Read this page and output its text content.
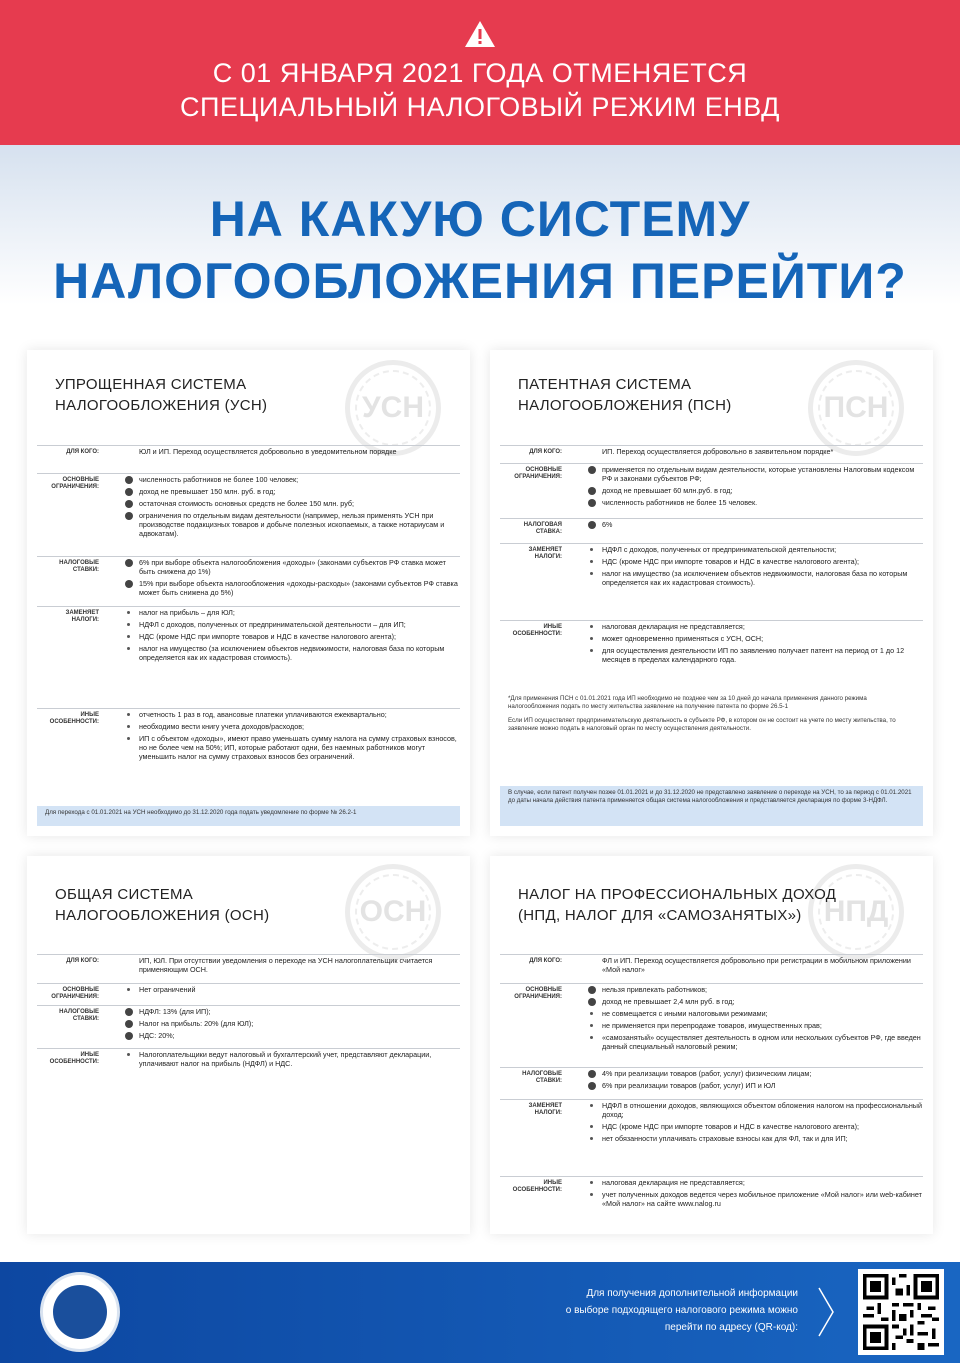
С 01 ЯНВАРЯ 2021 ГОДА ОТМЕНЯЕТСЯ
СПЕЦИАЛЬНЫЙ НАЛОГОВЫЙ РЕЖИМ ЕНВД
НА КАКУЮ СИСТЕМУ
НАЛОГООБЛОЖЕНИЯ ПЕРЕЙТИ?
УСН
УПРОЩЕННАЯ СИСТЕМА
НАЛОГООБЛОЖЕНИЯ (УСН)
ДЛЯ КОГО:	ЮЛ и ИП. Переход осуществляется добровольно в уведомительном порядке
ОСНОВНЫЕ ОГРАНИЧЕНИЯ:
численность работников не более 100 человек;
доход не превышает 150 млн. руб. в год;
остаточная стоимость основных средств не более 150 млн. руб;
ограничения по отдельным видам деятельности (например, нельзя применять УСН при производстве подакцизных товаров и добыче полезных ископаемых, а также нотариусам и адвокатам).
НАЛОГОВЫЕ СТАВКИ:
6% при выборе объекта налогообложения «доходы» (законами субъектов РФ ставка может быть снижена до 1%)
15% при выборе объекта налогообложения «доходы-расходы» (законами субъектов РФ ставка может быть снижена до 5%)
ЗАМЕНЯЕТ НАЛОГИ:
налог на прибыль – для ЮЛ;
НДФЛ с доходов, полученных от предпринимательской деятельности – для ИП;
НДС (кроме НДС при импорте товаров и НДС в качестве налогового агента);
налог на имущество (за исключением объектов недвижимости, налоговая база по которым определяется как их кадастровая стоимость).
ИНЫЕ ОСОБЕННОСТИ:
отчетность 1 раз в год, авансовые платежи уплачиваются ежеквартально;
необходимо вести книгу учета доходов/расходов;
ИП с объектом «доходы», имеют право уменьшать сумму налога на сумму страховых взносов, но не более чем на 50%; ИП, которые работают одни, без наемных работников могут уменьшить налог на сумму страховых взносов без ограничений.
Для перехода с 01.01.2021 на УСН необходимо до 31.12.2020 года подать уведомление по форме № 26.2-1
ПСН
ПАТЕНТНАЯ СИСТЕМА
НАЛОГООБЛОЖЕНИЯ (ПСН)
ДЛЯ КОГО:	ИП. Переход осуществляется добровольно в заявительном порядке*
ОСНОВНЫЕ ОГРАНИЧЕНИЯ:
применяется по отдельным видам деятельности, которые установлены Налоговым кодексом РФ и законами субъектов РФ;
доход не превышает 60 млн.руб. в год;
численность работников не более 15 человек.
НАЛОГОВАЯ СТАВКА:
6%
ЗАМЕНЯЕТ НАЛОГИ:
НДФЛ с доходов, полученных от предпринимательской деятельности;
НДС (кроме НДС при импорте товаров и НДС в качестве налогового агента);
налог на имущество (за исключением объектов недвижимости, налоговая база по которым определяется как их кадастровая стоимость).
ИНЫЕ ОСОБЕННОСТИ:
налоговая декларация не представляется;
может одновременно применяться с УСН, ОСН;
для осуществления деятельности ИП по заявлению получает патент на период от 1 до 12 месяцев в пределах календарного года.

*Для применения ПСН с 01.01.2021 года ИП необходимо не позднее чем за 10 дней до начала применения данного режима налогообложения подать по месту жительства заявление на получение патента по форме 26.5-1

Если ИП осуществляет предпринимательскую деятельность в субъекте РФ, в котором он не состоит на учете по месту жительства, то заявление можно подать в налоговый орган по месту осуществления деятельности.

В случае, если патент получен позже 01.01.2021 и до 31.12.2020 не представлено заявление о переходе на УСН, то за период с 01.01.2021 до даты начала действия патента применяется общая система налогообложения и представляется декларация по форме 3-НДФЛ.
ОСН
ОБЩАЯ СИСТЕМА
НАЛОГООБЛОЖЕНИЯ (ОСН)
ДЛЯ КОГО:	ИП, ЮЛ. При отсутствии уведомления о переходе на УСН налогоплательщик считается применяющим ОСН.
ОСНОВНЫЕ ОГРАНИЧЕНИЯ:
Нет ограничений
НАЛОГОВЫЕ СТАВКИ:
НДФЛ: 13% (для ИП);
Налог на прибыль: 20% (для ЮЛ);
НДС: 20%;
ИНЫЕ ОСОБЕННОСТИ:
Налогоплательщики ведут налоговый и бухгалтерский учет, представляют декларации, уплачивают налог на прибыль (НДФЛ) и НДС.
НПД
НАЛОГ НА ПРОФЕССИОНАЛЬНЫХ ДОХОД
(НПД, НАЛОГ ДЛЯ «САМОЗАНЯТЫХ»)
ДЛЯ КОГО:	ФЛ и ИП. Переход осуществляется добровольно при регистрации в мобильном приложении «Мой налог»
ОСНОВНЫЕ ОГРАНИЧЕНИЯ:
нельзя привлекать работников;
доход не превышает 2,4 млн руб. в год;
не совмещается с иными налоговыми режимами;
не применяется при перепродаже товаров, имущественных прав;
«самозанятый» осуществляет деятельность в одном или нескольких субъектов РФ, где введен данный специальный налоговый режим;
НАЛОГОВЫЕ СТАВКИ:
4% при реализации товаров (работ, услуг) физическим лицам;
6% при реализации товаров (работ, услуг) ИП и ЮЛ
ЗАМЕНЯЕТ НАЛОГИ:
НДФЛ в отношении доходов, являющихся объектом обложения налогом на профессиональный доход;
НДС (кроме НДС при импорте товаров и НДС в качестве налогового агента);
нет обязанности уплачивать страховые взносы как для ФЛ, так и для ИП;
ИНЫЕ ОСОБЕННОСТИ:
налоговая декларация не представляется;
учет полученных доходов ведется через мобильное приложение «Мой налог» или web-кабинет «Мой налог» на сайте www.nalog.ru
Для получения дополнительной информации
о выборе подходящего налогового режима можно
перейти по адресу (QR-код):
